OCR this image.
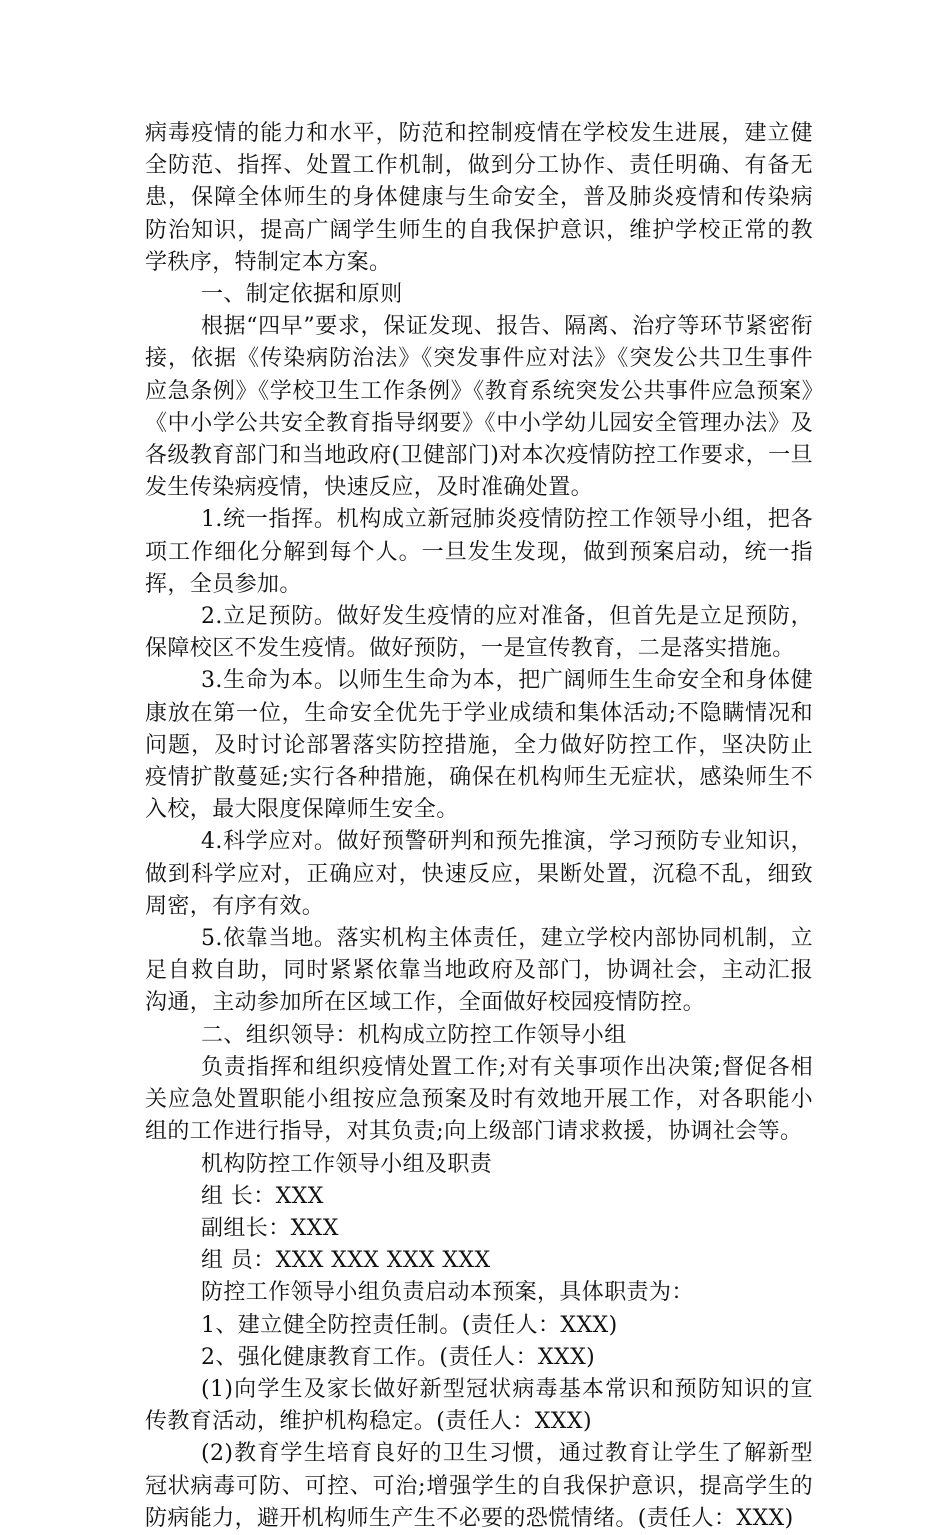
病毒疫情的能力和水平，防范和控制疫情在学校发生进展，建立健全防范、指挥、处置工作机制，做到分工协作、责任明确、有备无患，保障全体师生的身体健康与生命安全，普及肺炎疫情和传染病防治知识，提高广阔学生师生的自我保护意识，维护学校正常的教学秩序，特制定本方案。

一、制定依据和原则

根据“四早”要求，保证发现、报告、隔离、治疗等环节紧密衔接，依据《传染病防治法》《突发事件应对法》《突发公共卫生事件应急条例》《学校卫生工作条例》《教育系统突发公共事件应急预案》《中小学公共安全教育指导纲要》《中小学幼儿园安全管理办法》及各级教育部门和当地政府(卫健部门)对本次疫情防控工作要求，一旦发生传染病疫情，快速反应，及时准确处置。

1.统一指挥。机构成立新冠肺炎疫情防控工作领导小组，把各项工作细化分解到每个人。一旦发生发现，做到预案启动，统一指挥，全员参加。

2.立足预防。做好发生疫情的应对准备，但首先是立足预防，保障校区不发生疫情。做好预防，一是宣传教育，二是落实措施。

3.生命为本。以师生生命为本，把广阔师生生命安全和身体健康放在第一位，生命安全优先于学业成绩和集体活动;不隐瞒情况和问题，及时讨论部署落实防控措施，全力做好防控工作，坚决防止疫情扩散蔓延;实行各种措施，确保在机构师生无症状，感染师生不入校，最大限度保障师生安全。

4.科学应对。做好预警研判和预先推演，学习预防专业知识，做到科学应对，正确应对，快速反应，果断处置，沉稳不乱，细致周密，有序有效。

5.依靠当地。落实机构主体责任，建立学校内部协同机制，立足自救自助，同时紧紧依靠当地政府及部门，协调社会，主动汇报沟通，主动参加所在区域工作，全面做好校园疫情防控。

二、组织领导：机构成立防控工作领导小组

负责指挥和组织疫情处置工作;对有关事项作出决策;督促各相关应急处置职能小组按应急预案及时有效地开展工作，对各职能小组的工作进行指导，对其负责;向上级部门请求救援，协调社会等。

机构防控工作领导小组及职责

组 长：XXX

副组长：XXX

组 员：XXX XXX XXX XXX

防控工作领导小组负责启动本预案，具体职责为：

1、建立健全防控责任制。(责任人：XXX)

2、强化健康教育工作。(责任人：XXX)

(1)向学生及家长做好新型冠状病毒基本常识和预防知识的宣传教育活动，维护机构稳定。(责任人：XXX)

(2)教育学生培育良好的卫生习惯，通过教育让学生了解新型冠状病毒可防、可控、可治;增强学生的自我保护意识，提高学生的防病能力，避开机构师生产生不必要的恐慌情绪。(责任人：XXX)
